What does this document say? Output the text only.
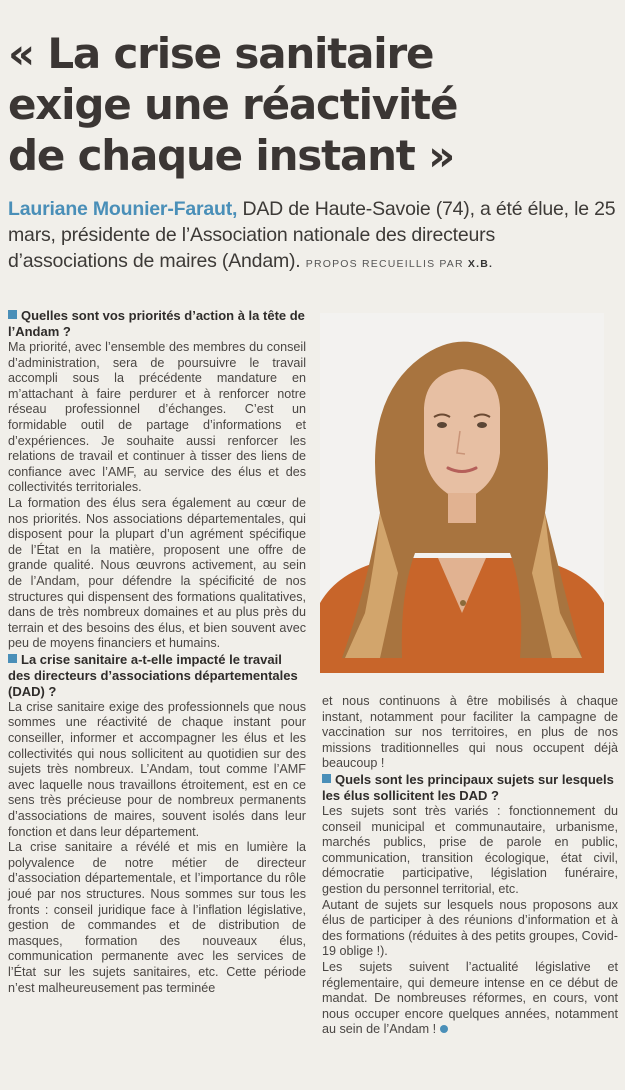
« La crise sanitaire
exige une réactivité
de chaque instant »
Lauriane Mounier-Faraut, DAD de Haute-Savoie (74), a été élue, le 25 mars, présidente de l’Association nationale des directeurs d’associations de maires (Andam). PROPOS RECUEILLIS PAR X.B.

Quelles sont vos priorités d’action à la tête de l’Andam ?

Ma priorité, avec l’ensemble des membres du conseil d’administration, sera de poursuivre le travail accompli sous la précédente mandature en m’attachant à faire perdurer et à renforcer notre réseau professionnel d’échanges. C’est un formidable outil de partage d’informations et d’expériences. Je souhaite aussi renforcer les relations de travail et continuer à tisser des liens de confiance avec l’AMF, au service des élus et des collectivités territoriales.

La formation des élus sera également au cœur de nos priorités. Nos associations départementales, qui disposent pour la plupart d’un agrément spécifique de l’État en la matière, proposent une offre de grande qualité. Nous œuvrons activement, au sein de l’Andam, pour défendre la spécificité de nos structures qui dispensent des formations qualitatives, dans de très nombreux domaines et au plus près du terrain et des besoins des élus, et bien souvent avec peu de moyens financiers et humains.

La crise sanitaire a-t-elle impacté le travail des directeurs d’associations départementales (DAD) ?

La crise sanitaire exige des professionnels que nous sommes une réactivité de chaque instant pour conseiller, informer et accompagner les élus et les collectivités qui nous sollicitent au quotidien sur des sujets très nombreux. L’Andam, tout comme l’AMF avec laquelle nous travaillons étroitement, est en ce sens très précieuse pour de nombreux permanents d’associations de maires, souvent isolés dans leur fonction et dans leur département.

La crise sanitaire a révélé et mis en lumière la polyvalence de notre métier de directeur d’association départementale, et l’importance du rôle joué par nos structures. Nous sommes sur tous les fronts : conseil juridique face à l’inflation législative, gestion de commandes et de distribution de masques, formation des nouveaux élus, communication permanente avec les services de l’État sur les sujets sanitaires, etc. Cette période n’est malheureusement pas terminée

et nous continuons à être mobilisés à chaque instant, notamment pour faciliter la campagne de vaccination sur nos territoires, en plus de nos missions traditionnelles qui nous occupent déjà beaucoup !

Quels sont les principaux sujets sur lesquels les élus sollicitent les DAD ?

Les sujets sont très variés : fonctionnement du conseil municipal et communautaire, urbanisme, marchés publics, prise de parole en public, communication, transition écologique, état civil, démocratie participative, législation funéraire, gestion du personnel territorial, etc.

Autant de sujets sur lesquels nous proposons aux élus de participer à des réunions d’information et à des formations (réduites à des petits groupes, Covid-19 oblige !).

Les sujets suivent l’actualité législative et réglementaire, qui demeure intense en ce début de mandat. De nombreuses réformes, en cours, vont nous occuper encore quelques années, notamment au sein de l’Andam !
